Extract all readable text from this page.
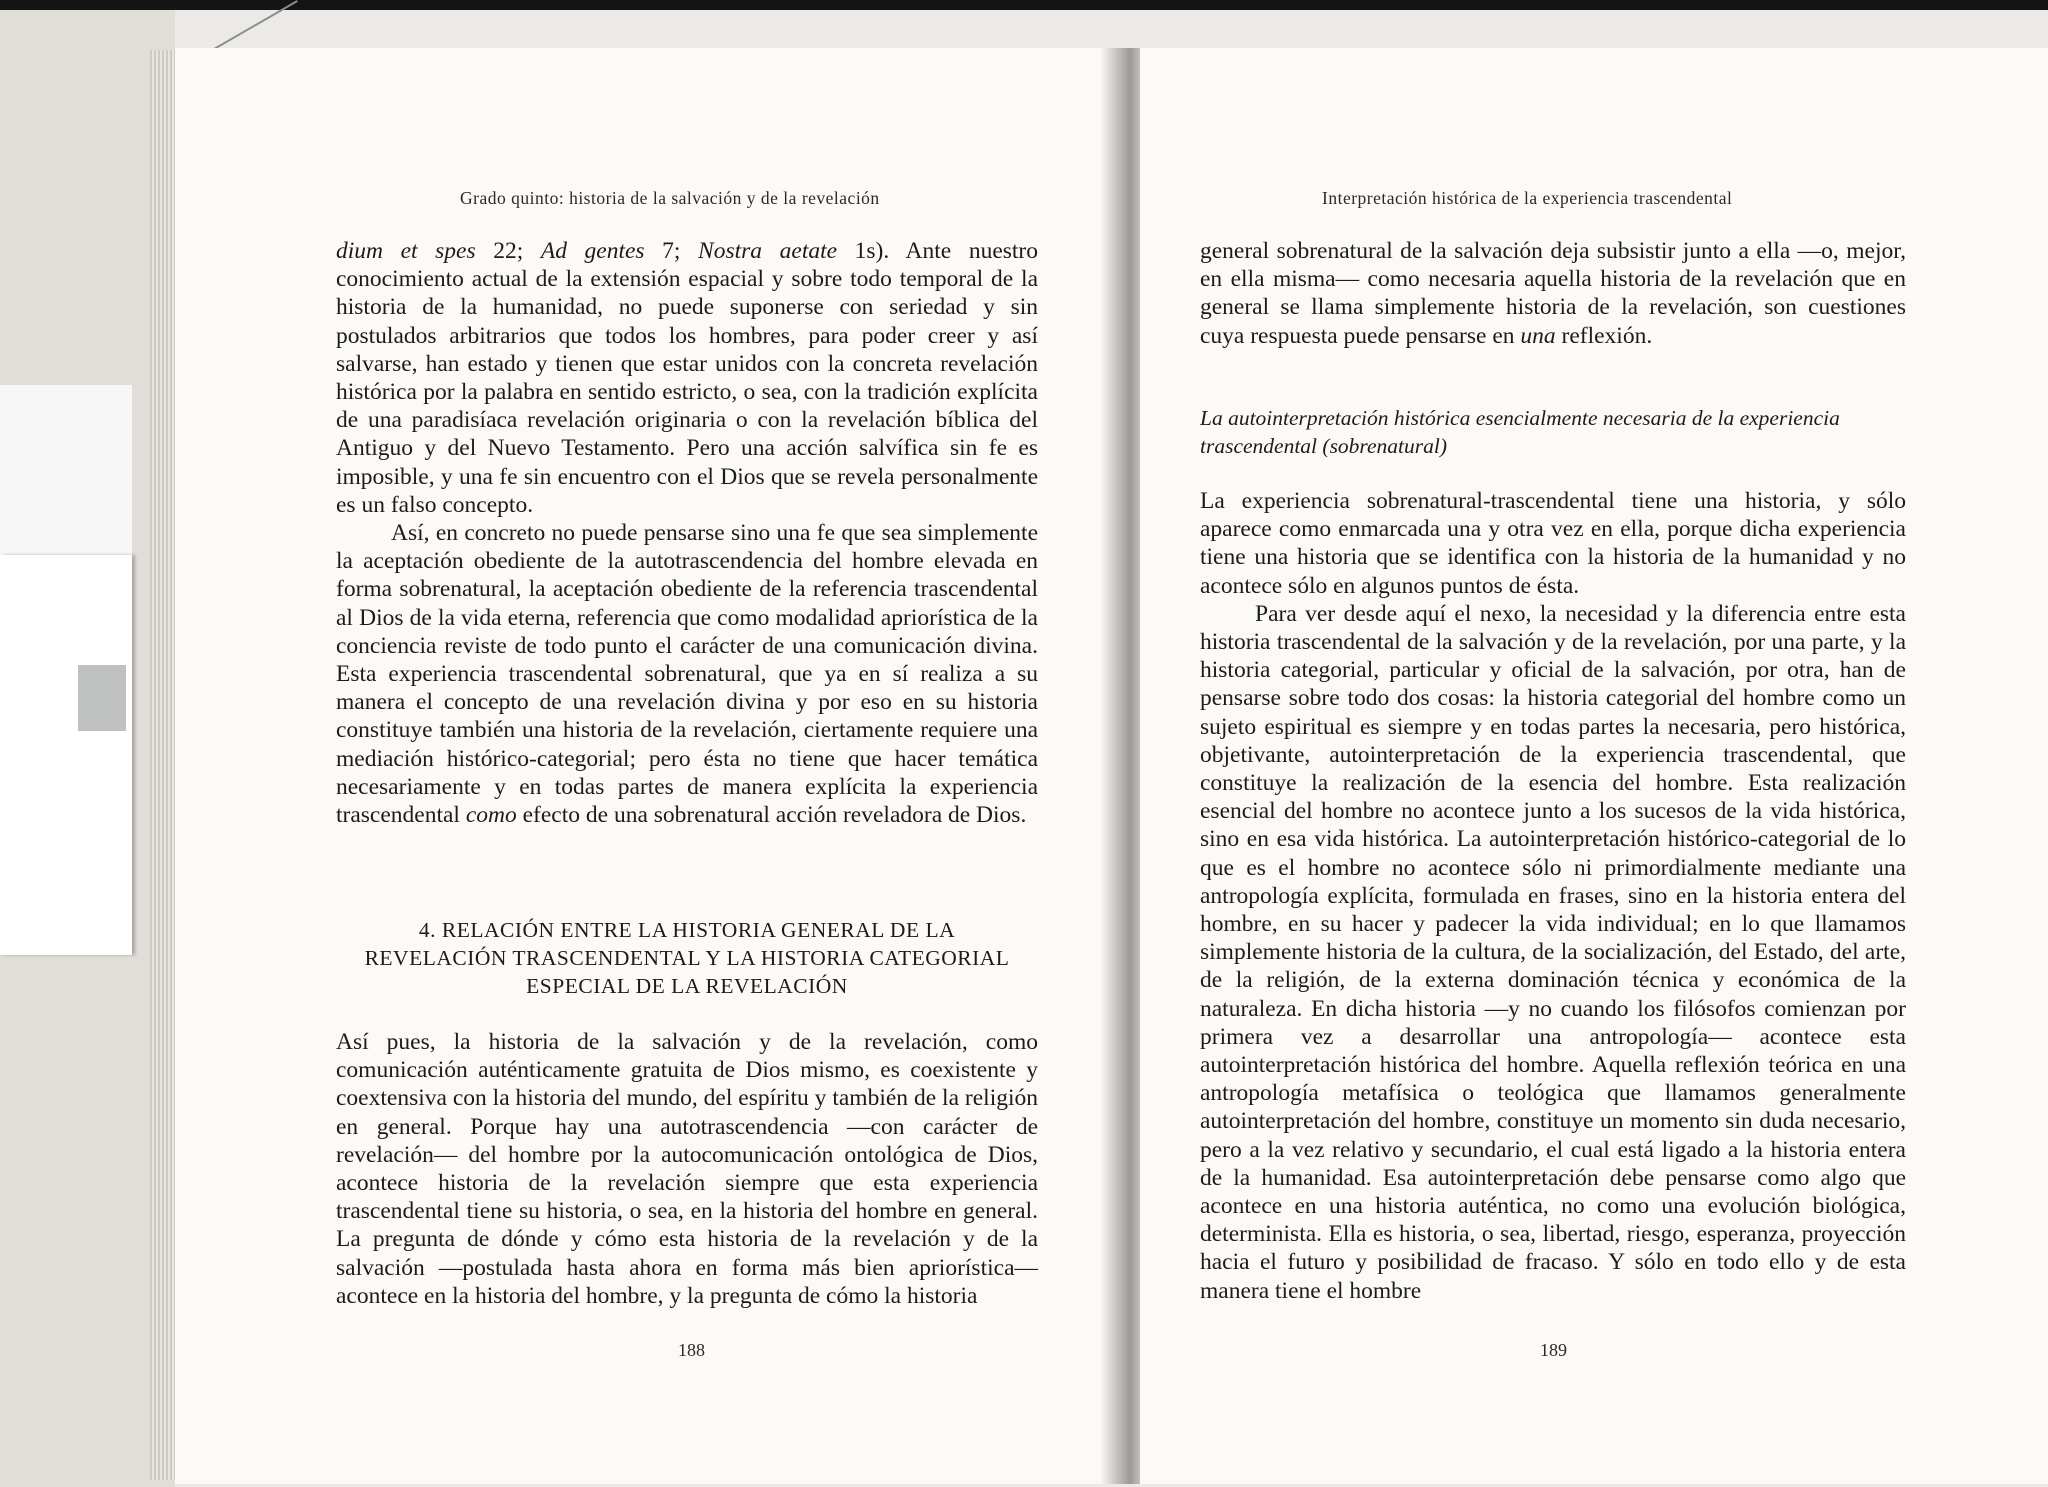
Grado quinto: historia de la salvación y de la revelación

dium et spes 22; Ad gentes 7; Nostra aetate 1s). Ante nuestro conocimiento actual de la extensión espacial y sobre todo temporal de la historia de la humanidad, no puede suponerse con seriedad y sin postulados arbitrarios que todos los hombres, para poder creer y así salvarse, han estado y tienen que estar unidos con la concreta revelación histórica por la palabra en sentido estricto, o sea, con la tradición explícita de una paradisíaca revelación originaria o con la revelación bíblica del Antiguo y del Nuevo Testamento. Pero una acción salvífica sin fe es imposible, y una fe sin encuentro con el Dios que se revela personalmente es un falso concepto.

Así, en concreto no puede pensarse sino una fe que sea simplemente la aceptación obediente de la autotrascendencia del hombre elevada en forma sobrenatural, la aceptación obediente de la referencia trascendental al Dios de la vida eterna, referencia que como modalidad apriorística de la conciencia reviste de todo punto el carácter de una comunicación divina. Esta experiencia trascendental sobrenatural, que ya en sí realiza a su manera el concepto de una revelación divina y por eso en su historia constituye también una historia de la revelación, ciertamente requiere una mediación histórico-categorial; pero ésta no tiene que hacer temática necesariamente y en todas partes de manera explícita la experiencia trascendental como efecto de una sobrenatural acción reveladora de Dios.

4. RELACIÓN ENTRE LA HISTORIA GENERAL DE LA
REVELACIÓN TRASCENDENTAL Y LA HISTORIA CATEGORIAL
ESPECIAL DE LA REVELACIÓN

Así pues, la historia de la salvación y de la revelación, como comunicación auténticamente gratuita de Dios mismo, es coexistente y coextensiva con la historia del mundo, del espíritu y también de la religión en general. Porque hay una autotrascendencia —con carácter de revelación— del hombre por la autocomunicación ontológica de Dios, acontece historia de la revelación siempre que esta experiencia trascendental tiene su historia, o sea, en la historia del hombre en general. La pregunta de dónde y cómo esta historia de la revelación y de la salvación —postulada hasta ahora en forma más bien apriorística— acontece en la historia del hombre, y la pregunta de cómo la historia

188
Interpretación histórica de la experiencia trascendental

general sobrenatural de la salvación deja subsistir junto a ella —o, mejor, en ella misma— como necesaria aquella historia de la revelación que en general se llama simplemente historia de la revelación, son cuestiones cuya respuesta puede pensarse en una reflexión.

La autointerpretación histórica esencialmente necesaria de la experiencia
trascendental (sobrenatural)

La experiencia sobrenatural-trascendental tiene una historia, y sólo aparece como enmarcada una y otra vez en ella, porque dicha experiencia tiene una historia que se identifica con la historia de la humanidad y no acontece sólo en algunos puntos de ésta.

Para ver desde aquí el nexo, la necesidad y la diferencia entre esta historia trascendental de la salvación y de la revelación, por una parte, y la historia categorial, particular y oficial de la salvación, por otra, han de pensarse sobre todo dos cosas: la historia categorial del hombre como un sujeto espiritual es siempre y en todas partes la necesaria, pero histórica, objetivante, autointerpretación de la experiencia trascendental, que constituye la realización de la esencia del hombre. Esta realización esencial del hombre no acontece junto a los sucesos de la vida histórica, sino en esa vida histórica. La autointerpretación histórico-categorial de lo que es el hombre no acontece sólo ni primordialmente mediante una antropología explícita, formulada en frases, sino en la historia entera del hombre, en su hacer y padecer la vida individual; en lo que llamamos simplemente historia de la cultura, de la socialización, del Estado, del arte, de la religión, de la externa dominación técnica y económica de la naturaleza. En dicha historia —y no cuando los filósofos comienzan por primera vez a desarrollar una antropología— acontece esta autointerpretación histórica del hombre. Aquella reflexión teórica en una antropología metafísica o teológica que llamamos generalmente autointerpretación del hombre, constituye un momento sin duda necesario, pero a la vez relativo y secundario, el cual está ligado a la historia entera de la humanidad. Esa autointerpretación debe pensarse como algo que acontece en una historia auténtica, no como una evolución biológica, determinista. Ella es historia, o sea, libertad, riesgo, esperanza, proyección hacia el futuro y posibilidad de fracaso. Y sólo en todo ello y de esta manera tiene el hombre

189
